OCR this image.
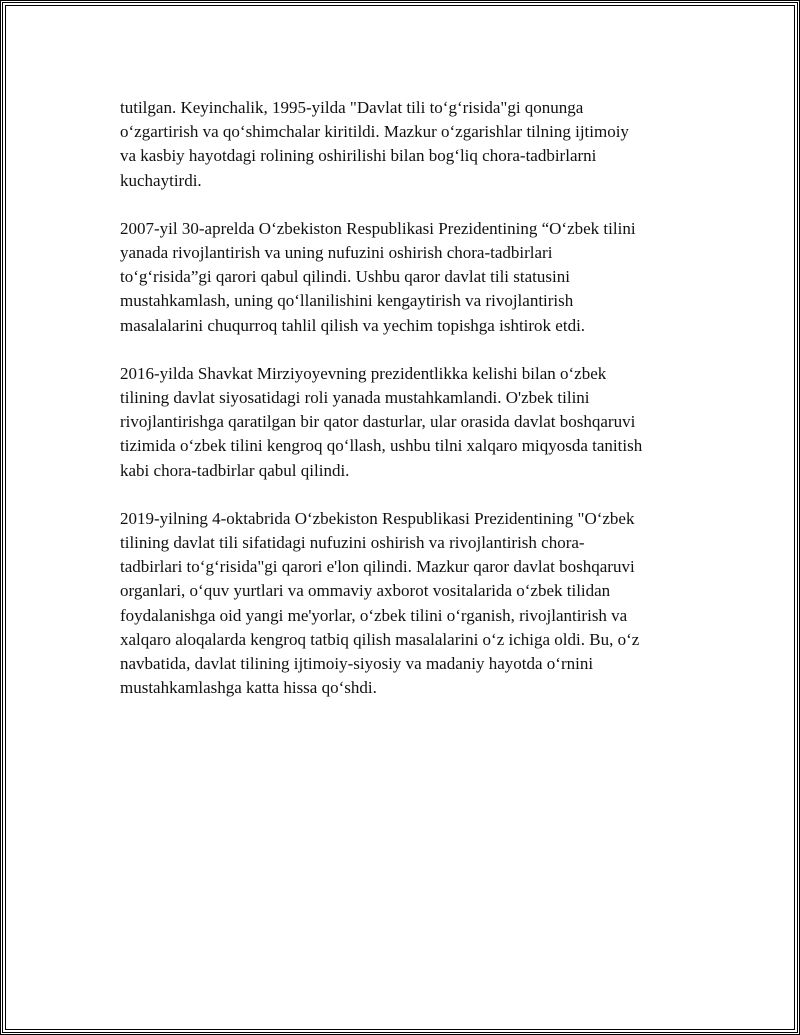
tutilgan. Keyinchalik, 1995-yilda "Davlat tili to‘g‘risida"gi qonunga
o‘zgartirish va qo‘shimchalar kiritildi. Mazkur o‘zgarishlar tilning ijtimoiy
va kasbiy hayotdagi rolining oshirilishi bilan bog‘liq chora-tadbirlarni
kuchaytirdi.

2007-yil 30-aprelda O‘zbekiston Respublikasi Prezidentining “O‘zbek tilini
yanada rivojlantirish va uning nufuzini oshirish chora-tadbirlari
to‘g‘risida”gi qarori qabul qilindi. Ushbu qaror davlat tili statusini
mustahkamlash, uning qo‘llanilishini kengaytirish va rivojlantirish
masalalarini chuqurroq tahlil qilish va yechim topishga ishtirok etdi.

2016-yilda Shavkat Mirziyoyevning prezidentlikka kelishi bilan o‘zbek
tilining davlat siyosatidagi roli yanada mustahkamlandi. O'zbek tilini
rivojlantirishga qaratilgan bir qator dasturlar, ular orasida davlat boshqaruvi
tizimida o‘zbek tilini kengroq qo‘llash, ushbu tilni xalqaro miqyosda tanitish
kabi chora-tadbirlar qabul qilindi.

2019-yilning 4-oktabrida O‘zbekiston Respublikasi Prezidentining "O‘zbek
tilining davlat tili sifatidagi nufuzini oshirish va rivojlantirish chora-
tadbirlari to‘g‘risida"gi qarori e'lon qilindi. Mazkur qaror davlat boshqaruvi
organlari, o‘quv yurtlari va ommaviy axborot vositalarida o‘zbek tilidan
foydalanishga oid yangi me'yorlar, o‘zbek tilini o‘rganish, rivojlantirish va
xalqaro aloqalarda kengroq tatbiq qilish masalalarini o‘z ichiga oldi. Bu, o‘z
navbatida, davlat tilining ijtimoiy-siyosiy va madaniy hayotda o‘rnini
mustahkamlashga katta hissa qo‘shdi.
